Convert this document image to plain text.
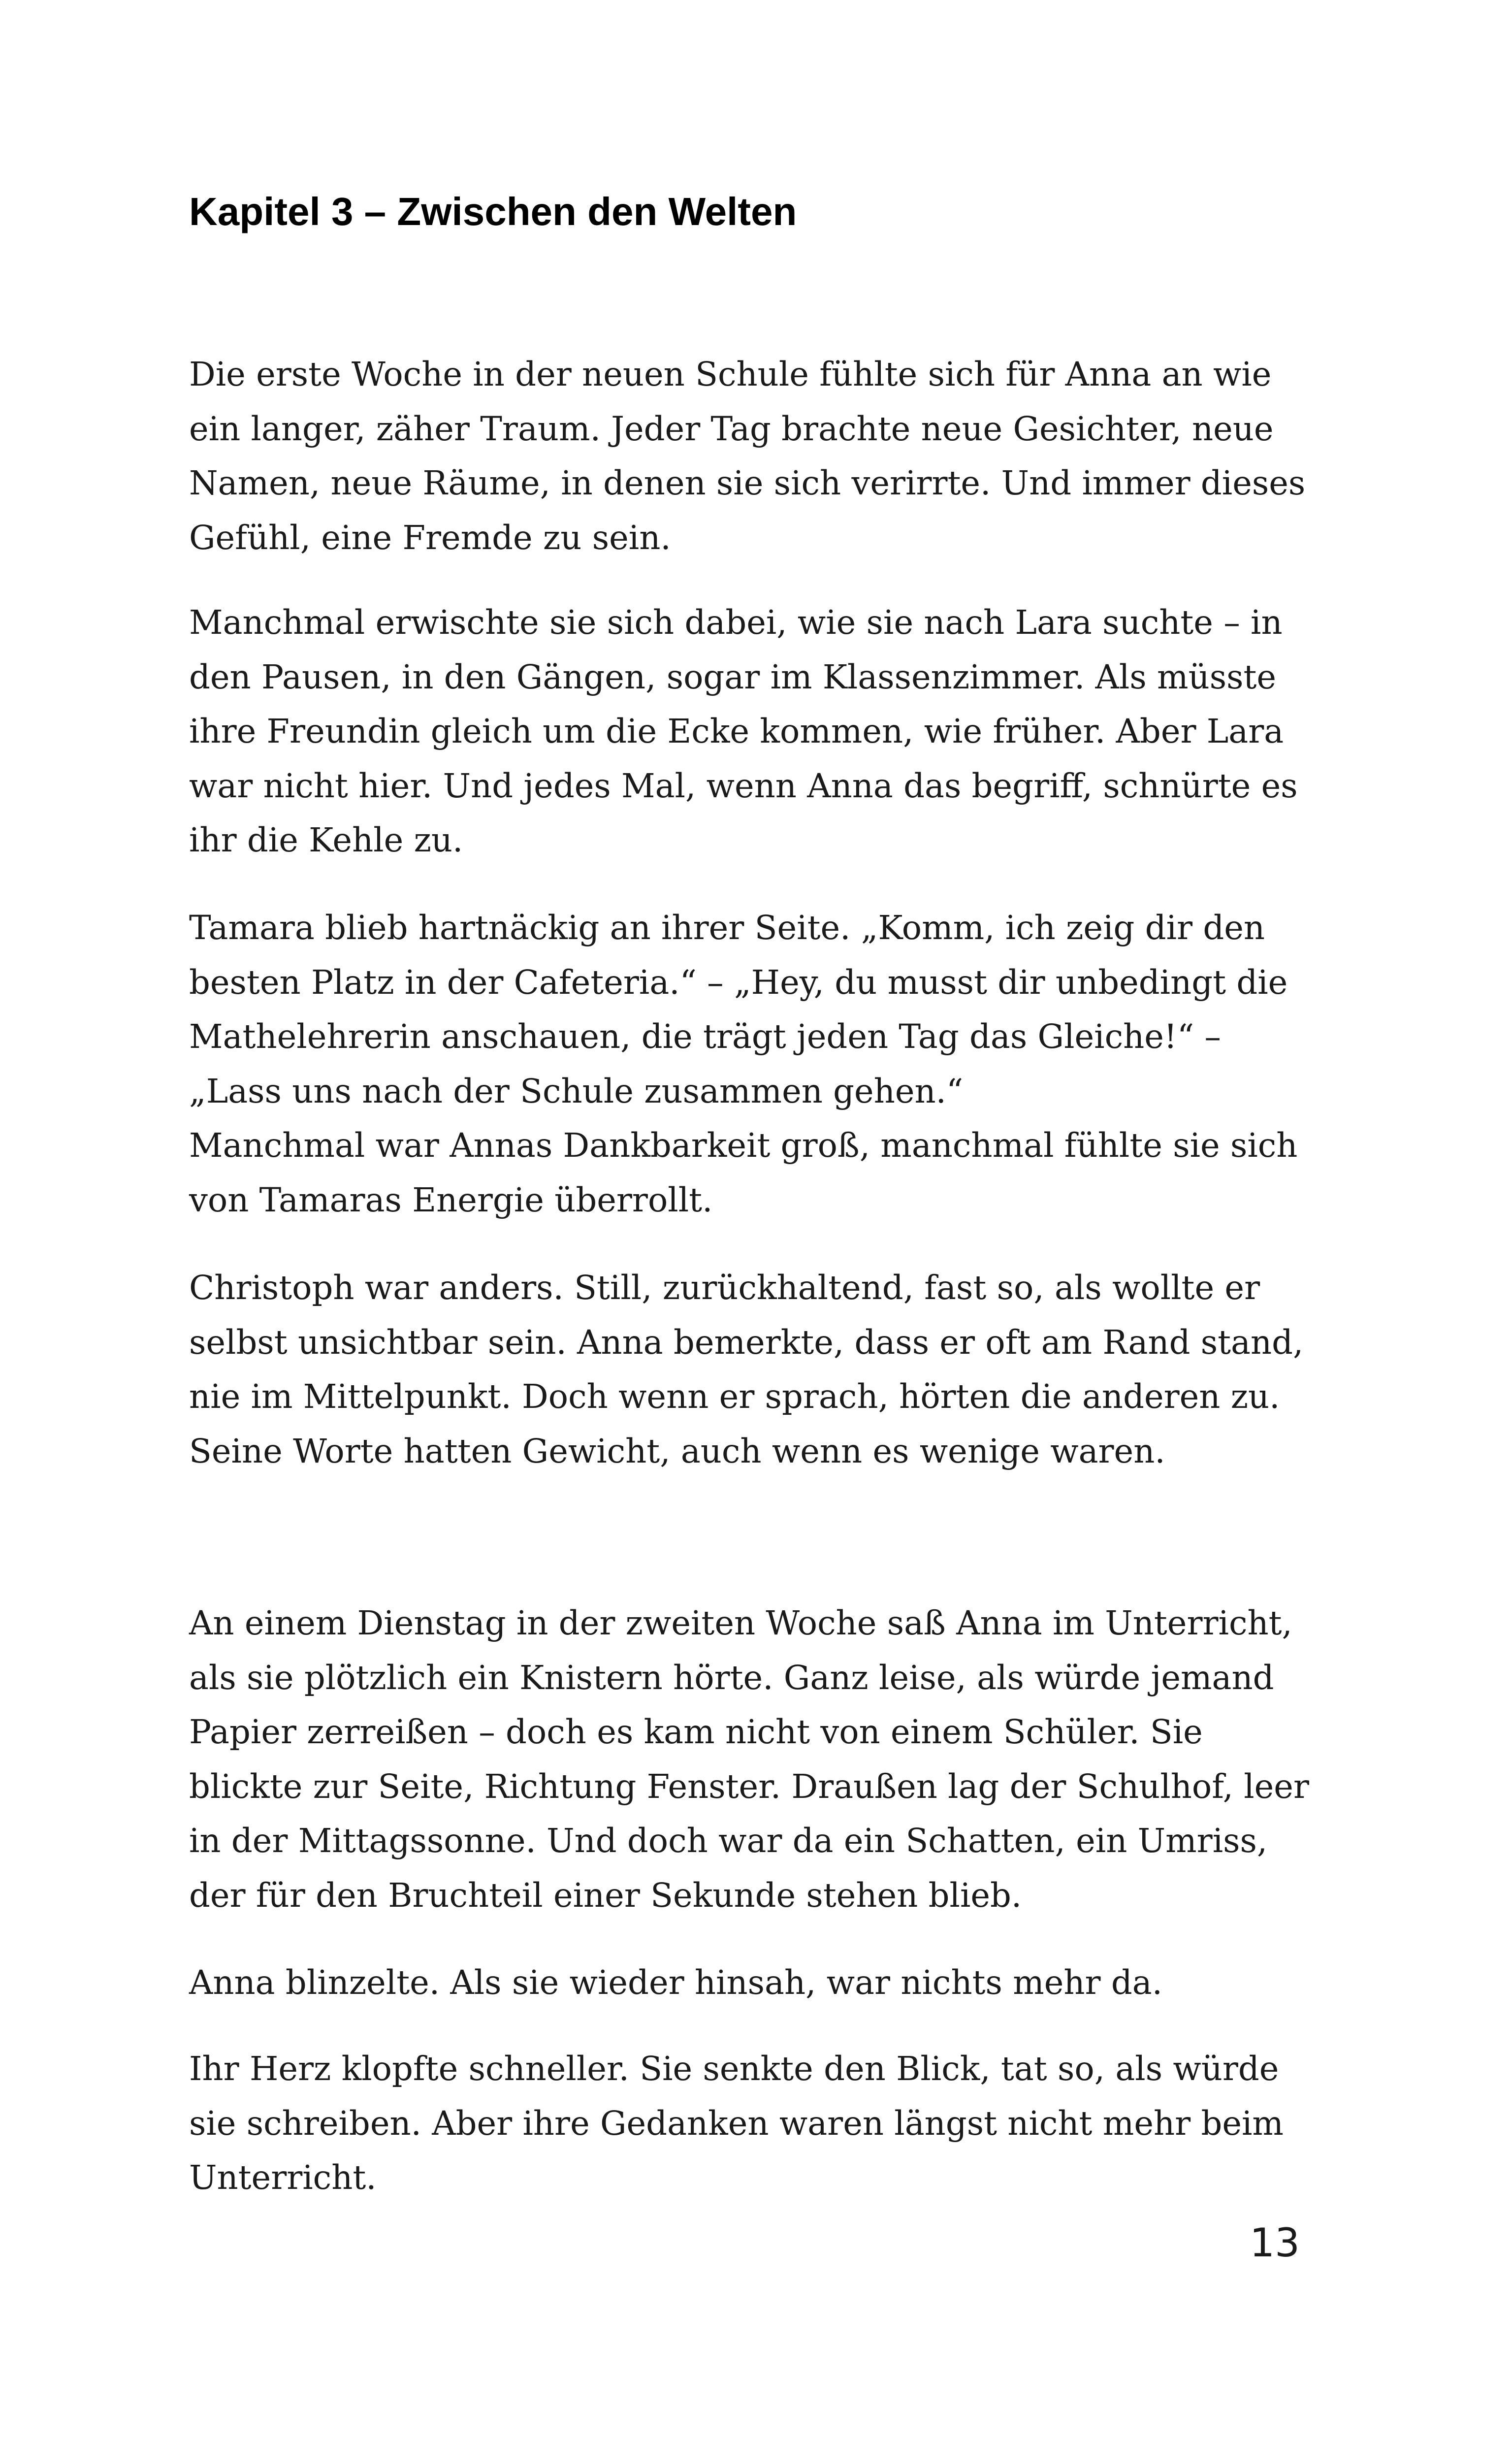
Kapitel 3 – Zwischen den Welten

Die erste Woche in der neuen Schule fühlte sich für Anna an wie
ein langer, zäher Traum. Jeder Tag brachte neue Gesichter, neue
Namen, neue Räume, in denen sie sich verirrte. Und immer dieses
Gefühl, eine Fremde zu sein.

Manchmal erwischte sie sich dabei, wie sie nach Lara suchte – in
den Pausen, in den Gängen, sogar im Klassenzimmer. Als müsste
ihre Freundin gleich um die Ecke kommen, wie früher. Aber Lara
war nicht hier. Und jedes Mal, wenn Anna das begriff, schnürte es
ihr die Kehle zu.

Tamara blieb hartnäckig an ihrer Seite. „Komm, ich zeig dir den
besten Platz in der Cafeteria.“ – „Hey, du musst dir unbedingt die
Mathelehrerin anschauen, die trägt jeden Tag das Gleiche!“ –
„Lass uns nach der Schule zusammen gehen.“
Manchmal war Annas Dankbarkeit groß, manchmal fühlte sie sich
von Tamaras Energie überrollt.

Christoph war anders. Still, zurückhaltend, fast so, als wollte er
selbst unsichtbar sein. Anna bemerkte, dass er oft am Rand stand,
nie im Mittelpunkt. Doch wenn er sprach, hörten die anderen zu.
Seine Worte hatten Gewicht, auch wenn es wenige waren.

An einem Dienstag in der zweiten Woche saß Anna im Unterricht,
als sie plötzlich ein Knistern hörte. Ganz leise, als würde jemand
Papier zerreißen – doch es kam nicht von einem Schüler. Sie
blickte zur Seite, Richtung Fenster. Draußen lag der Schulhof, leer
in der Mittagssonne. Und doch war da ein Schatten, ein Umriss,
der für den Bruchteil einer Sekunde stehen blieb.

Anna blinzelte. Als sie wieder hinsah, war nichts mehr da.

Ihr Herz klopfte schneller. Sie senkte den Blick, tat so, als würde
sie schreiben. Aber ihre Gedanken waren längst nicht mehr beim
Unterricht.

13
